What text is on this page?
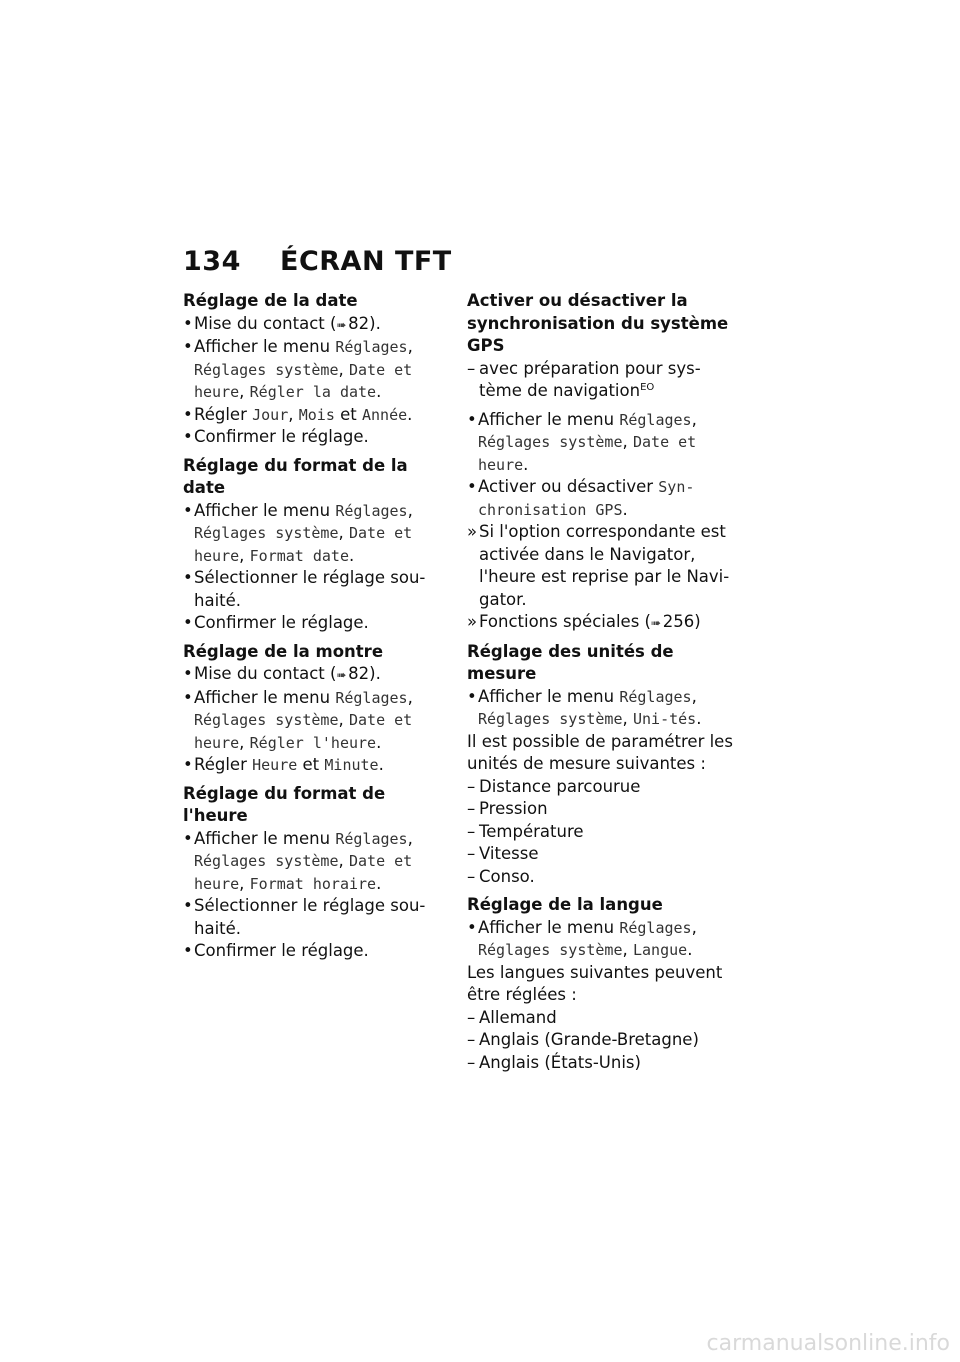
134 ÉCRAN TFT

Réglage de la date

• Mise du contact (➠  82).

• Afficher le menu Réglages, Réglages système, Date et heure, Régler la date.

• Régler Jour, Mois et Année.

• Confirmer le réglage.

Réglage du format de la date

• Afficher le menu Réglages, Réglages système, Date et heure, Format date.

• Sélectionner le réglage sou-haité.

• Confirmer le réglage.

Réglage de la montre

• Mise du contact (➠  82).

• Afficher le menu Réglages, Réglages système, Date et heure, Régler l'heure.

• Régler Heure et Minute.

Réglage du format de l'heure

• Afficher le menu Réglages, Réglages système, Date et heure, Format horaire.

• Sélectionner le réglage sou-haité.

• Confirmer le réglage.

Activer ou désactiver la synchronisation du système GPS

– avec préparation pour sys-tème de navigation$^{EO}$

• Afficher le menu Réglages, Réglages système, Date et heure.

• Activer ou désactiver Syn-chronisation GPS.

» Si l'option correspondante est activée dans le Navigator, l'heure est reprise par le Navi-gator.

» Fonctions spéciales (➠  256)

Réglage des unités de mesure

• Afficher le menu Réglages, Réglages système, Uni-tés.

Il est possible de paramétrer les unités de mesure suivantes :

– Distance parcourue

– Pression

– Température

– Vitesse

– Conso.

Réglage de la langue

• Afficher le menu Réglages, Réglages système, Langue.

Les langues suivantes peuvent être réglées :

– Allemand

– Anglais (Grande-Bretagne)

– Anglais (États-Unis)

carmanualsonline.info
